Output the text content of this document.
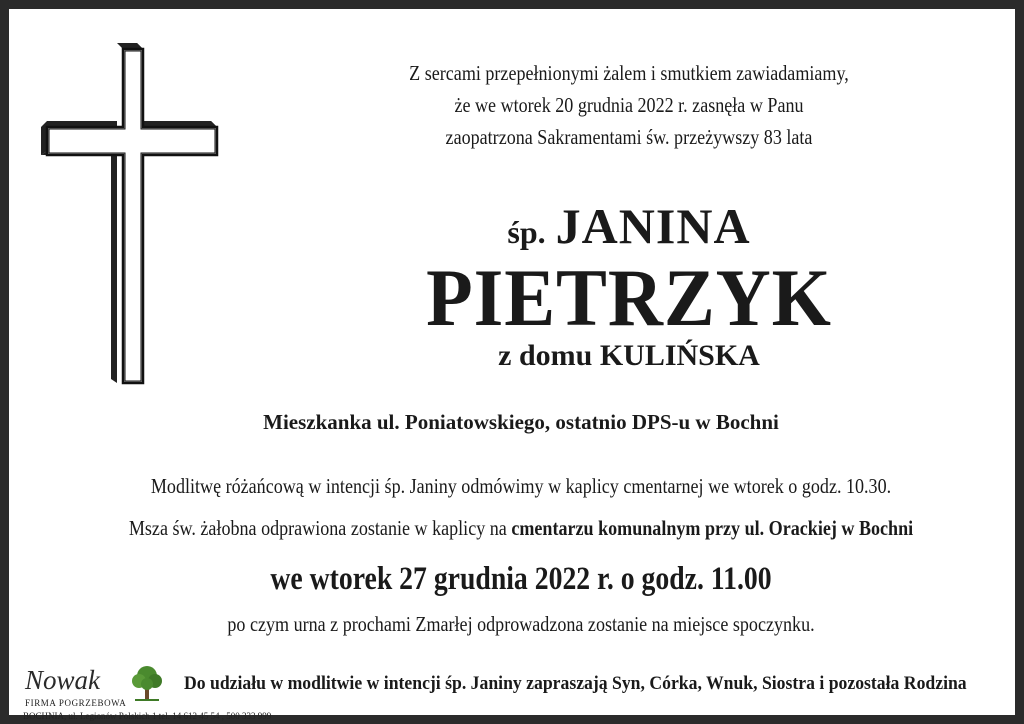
Z sercami przepełnionymi żalem i smutkiem zawiadamiamy,
że we wtorek 20 grudnia 2022 r. zasnęła w Panu
zaopatrzona Sakramentami św. przeżywszy 83 lata
śp. JANINA
PIETRZYK
z domu KULIŃSKA
Mieszkanka ul. Poniatowskiego, ostatnio DPS-u w Bochni
Modlitwę różańcową w intencji śp. Janiny odmówimy w kaplicy cmentarnej we wtorek o godz. 10.30.
Msza św. żałobna odprawiona zostanie w kaplicy na cmentarzu komunalnym przy ul. Orackiej w Bochni
we wtorek 27 grudnia 2022 r. o godz. 11.00
po czym urna z prochami Zmarłej odprowadzona zostanie na miejsce spoczynku.
Nowak
FIRMA POGRZEBOWA
BOCHNIA, ul. Legionów Polskich 1 tel. 14 612 45 54 , 500 333 999
Do udziału w modlitwie w intencji śp. Janiny zapraszają Syn, Córka, Wnuk, Siostra i pozostała Rodzina
